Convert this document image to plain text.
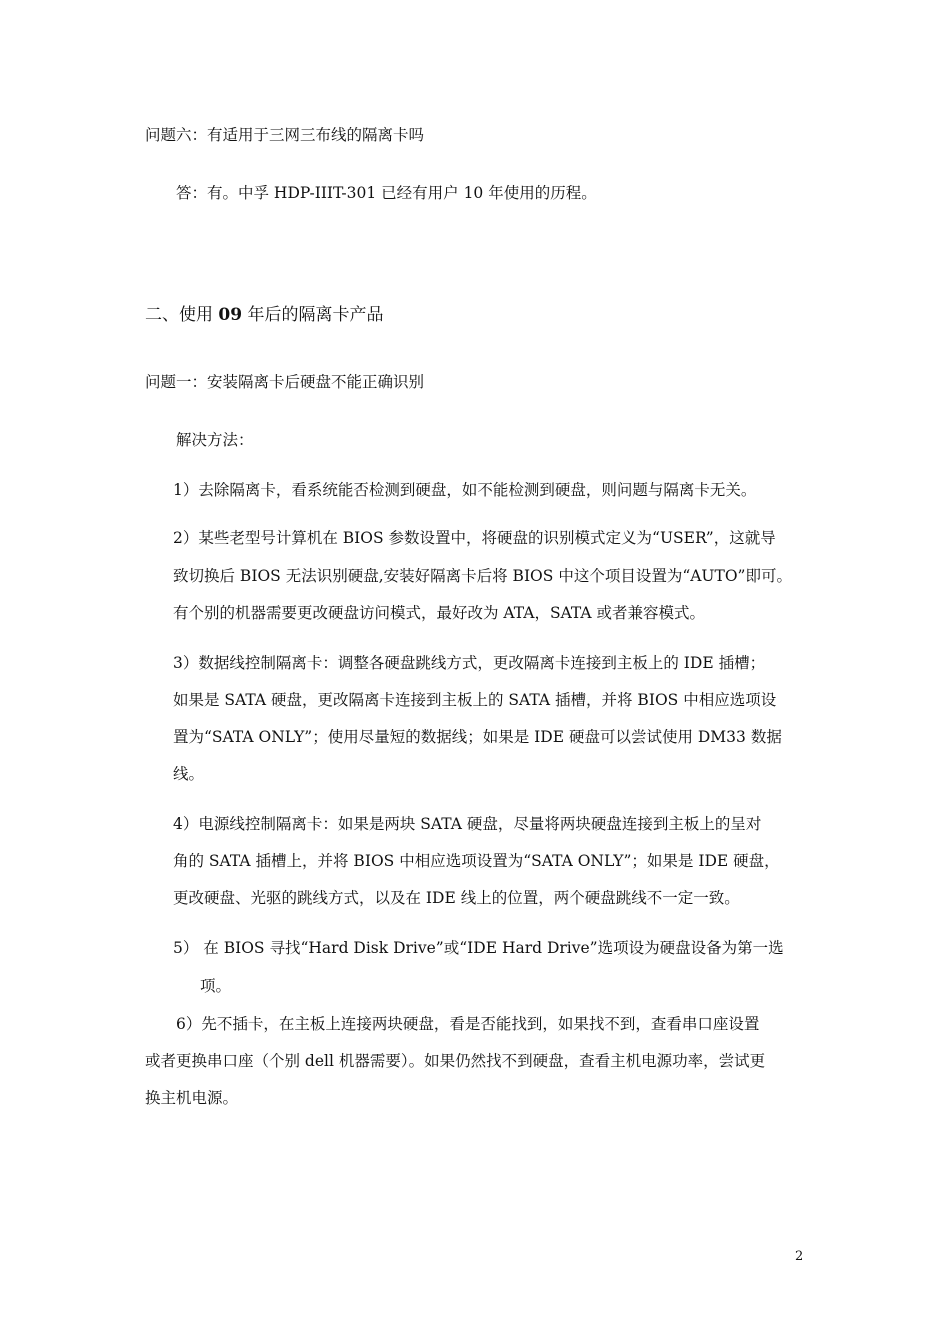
问题六：有适用于三网三布线的隔离卡吗
答：有。中孚 HDP-IIIT-301 已经有用户 10 年使用的历程。
二、使用 09 年后的隔离卡产品
问题一：安装隔离卡后硬盘不能正确识别
解决方法：
1）去除隔离卡，看系统能否检测到硬盘，如不能检测到硬盘，则问题与隔离卡无关。
2）某些老型号计算机在 BIOS 参数设置中，将硬盘的识别模式定义为“USER”，这就导
致切换后 BIOS 无法识别硬盘,安装好隔离卡后将 BIOS 中这个项目设置为“AUTO”即可。
有个别的机器需要更改硬盘访问模式，最好改为 ATA，SATA 或者兼容模式。
3）数据线控制隔离卡：调整各硬盘跳线方式，更改隔离卡连接到主板上的 IDE 插槽；
如果是 SATA 硬盘，更改隔离卡连接到主板上的 SATA 插槽，并将 BIOS 中相应选项设
置为“SATA ONLY”；使用尽量短的数据线；如果是 IDE 硬盘可以尝试使用 DM33 数据
线。
4）电源线控制隔离卡：如果是两块 SATA 硬盘，尽量将两块硬盘连接到主板上的呈对
角的 SATA 插槽上，并将 BIOS 中相应选项设置为“SATA ONLY”；如果是 IDE 硬盘，
更改硬盘、光驱的跳线方式，以及在 IDE 线上的位置，两个硬盘跳线不一定一致。
5） 在 BIOS 寻找“Hard Disk Drive”或“IDE Hard Drive”选项设为硬盘设备为第一选
项。
6）先不插卡，在主板上连接两块硬盘，看是否能找到，如果找不到，查看串口座设置
或者更换串口座（个别 dell 机器需要）。如果仍然找不到硬盘，查看主机电源功率，尝试更
换主机电源。
2
